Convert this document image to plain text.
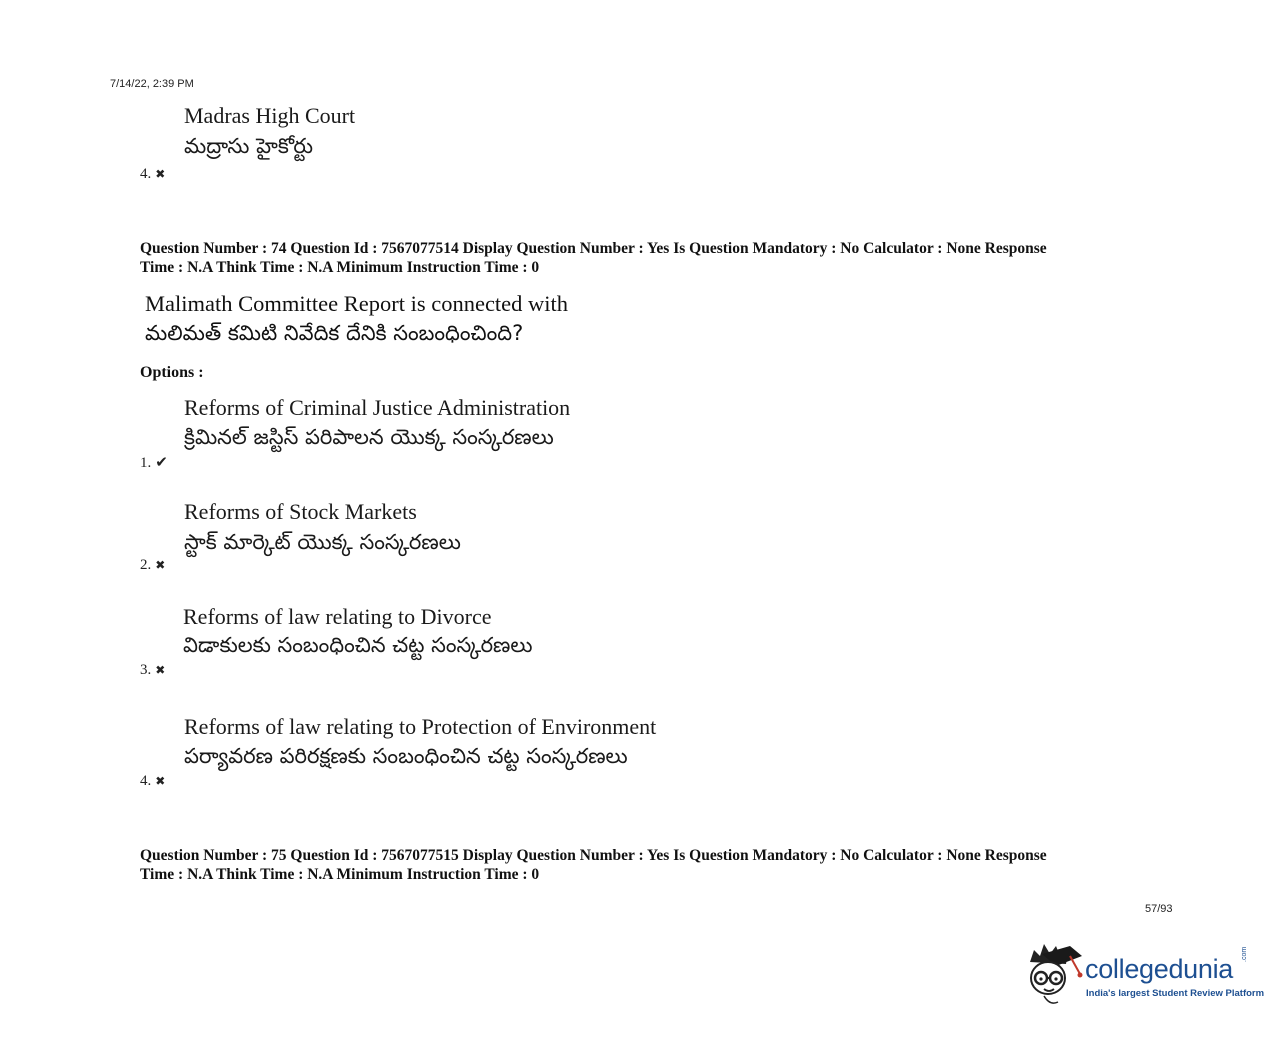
7/14/22, 2:39 PM
Madras High Court
మద్రాసు హైకోర్టు
4. ✖
Question Number : 74 Question Id : 7567077514 Display Question Number : Yes Is Question Mandatory : No Calculator : None Response
Time : N.A Think Time : N.A Minimum Instruction Time : 0
Malimath Committee Report is connected with
మలిమత్ కమిటి నివేదిక దేనికి సంబంధించింది?
Options :
Reforms of Criminal Justice Administration
క్రిమినల్ జస్టిస్ పరిపాలన యొక్క సంస్కరణలు
1. ✔
Reforms of Stock Markets
స్టాక్ మార్కెట్ యొక్క సంస్కరణలు
2. ✖
Reforms of law relating to Divorce
విడాకులకు సంబంధించిన చట్ట సంస్కరణలు
3. ✖
Reforms of law relating to Protection of Environment
పర్యావరణ పరిరక్షణకు సంబంధించిన చట్ట సంస్కరణలు
4. ✖
Question Number : 75 Question Id : 7567077515 Display Question Number : Yes Is Question Mandatory : No Calculator : None Response
Time : N.A Think Time : N.A Minimum Instruction Time : 0
57/93
collegedunia .com
India's largest Student Review Platform
